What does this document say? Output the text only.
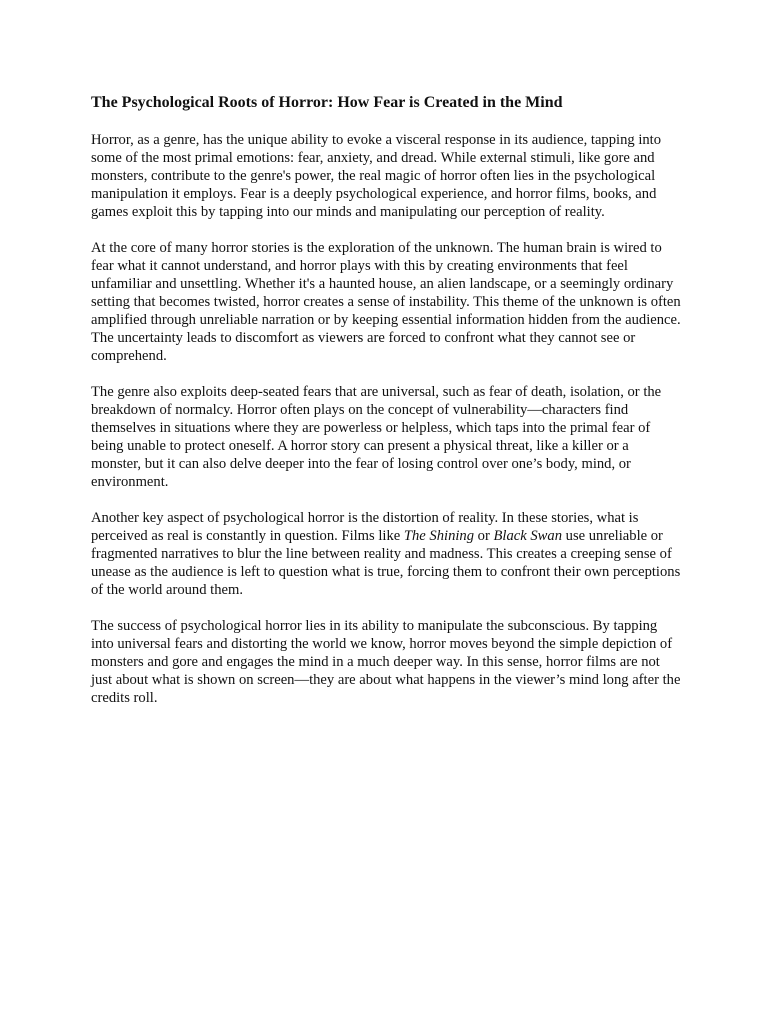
The Psychological Roots of Horror: How Fear is Created in the Mind

Horror, as a genre, has the unique ability to evoke a visceral response in its audience, tapping into some of the most primal emotions: fear, anxiety, and dread. While external stimuli, like gore and monsters, contribute to the genre's power, the real magic of horror often lies in the psychological manipulation it employs. Fear is a deeply psychological experience, and horror films, books, and games exploit this by tapping into our minds and manipulating our perception of reality.

At the core of many horror stories is the exploration of the unknown. The human brain is wired to fear what it cannot understand, and horror plays with this by creating environments that feel unfamiliar and unsettling. Whether it's a haunted house, an alien landscape, or a seemingly ordinary setting that becomes twisted, horror creates a sense of instability. This theme of the unknown is often amplified through unreliable narration or by keeping essential information hidden from the audience. The uncertainty leads to discomfort as viewers are forced to confront what they cannot see or comprehend.

The genre also exploits deep-seated fears that are universal, such as fear of death, isolation, or the breakdown of normalcy. Horror often plays on the concept of vulnerability—characters find themselves in situations where they are powerless or helpless, which taps into the primal fear of being unable to protect oneself. A horror story can present a physical threat, like a killer or a monster, but it can also delve deeper into the fear of losing control over one’s body, mind, or environment.

Another key aspect of psychological horror is the distortion of reality. In these stories, what is perceived as real is constantly in question. Films like The Shining or Black Swan use unreliable or fragmented narratives to blur the line between reality and madness. This creates a creeping sense of unease as the audience is left to question what is true, forcing them to confront their own perceptions of the world around them.

The success of psychological horror lies in its ability to manipulate the subconscious. By tapping into universal fears and distorting the world we know, horror moves beyond the simple depiction of monsters and gore and engages the mind in a much deeper way. In this sense, horror films are not just about what is shown on screen—they are about what happens in the viewer’s mind long after the credits roll.
